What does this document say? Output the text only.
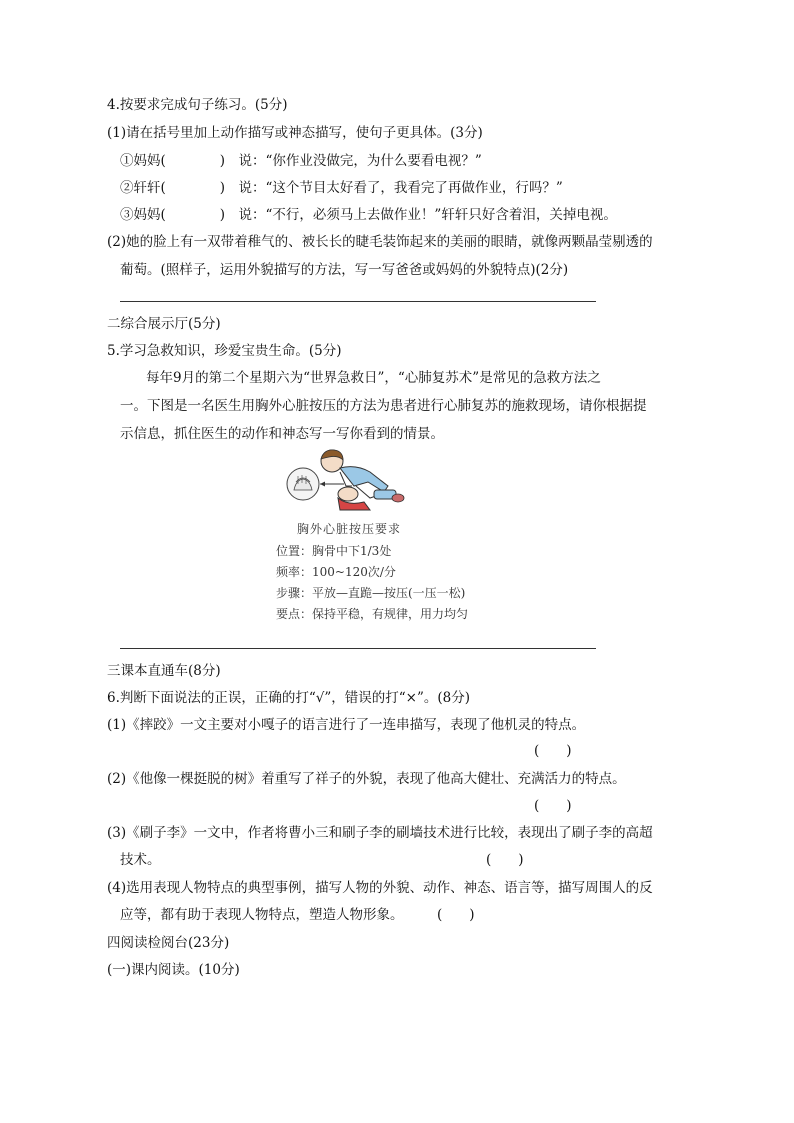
4.按要求完成句子练习。(5分)
(1)请在括号里加上动作描写或神态描写，使句子更具体。(3分)
①妈妈(　　　　)　说：“你作业没做完，为什么要看电视？”
②轩轩(　　　　)　说：“这个节目太好看了，我看完了再做作业，行吗？”
③妈妈(　　　　)　说：“不行，必须马上去做作业！”轩轩只好含着泪，关掉电视。
(2)她的脸上有一双带着稚气的、被长长的睫毛装饰起来的美丽的眼睛，就像两颗晶莹剔透的
葡萄。(照样子，运用外貌描写的方法，写一写爸爸或妈妈的外貌特点)(2分)
二综合展示厅(5分)
5.学习急救知识，珍爱宝贵生命。(5分)
每年9月的第二个星期六为“世界急救日”，“心肺复苏术”是常见的急救方法之
一。下图是一名医生用胸外心脏按压的方法为患者进行心肺复苏的施救现场，请你根据提
示信息，抓住医生的动作和神态写一写你看到的情景。
胸外心脏按压要求
位置：胸骨中下1/3处
频率：100~120次/分
步骤：平放—直跪—按压(一压一松)
要点：保持平稳，有规律，用力均匀
三课本直通车(8分)
6.判断下面说法的正误，正确的打“√”，错误的打“×”。(8分)
(1)《摔跤》一文主要对小嘎子的语言进行了一连串描写，表现了他机灵的特点。
(　　)
(2)《他像一棵挺脱的树》着重写了祥子的外貌，表现了他高大健壮、充满活力的特点。
(　　)
(3)《刷子李》一文中，作者将曹小三和刷子李的刷墙技术进行比较，表现出了刷子李的高超
技术。	(　　)
(4)选用表现人物特点的典型事例，描写人物的外貌、动作、神态、语言等，描写周围人的反
应等，都有助于表现人物特点，塑造人物形象。 (　　)
四阅读检阅台(23分)
(一)课内阅读。(10分)
